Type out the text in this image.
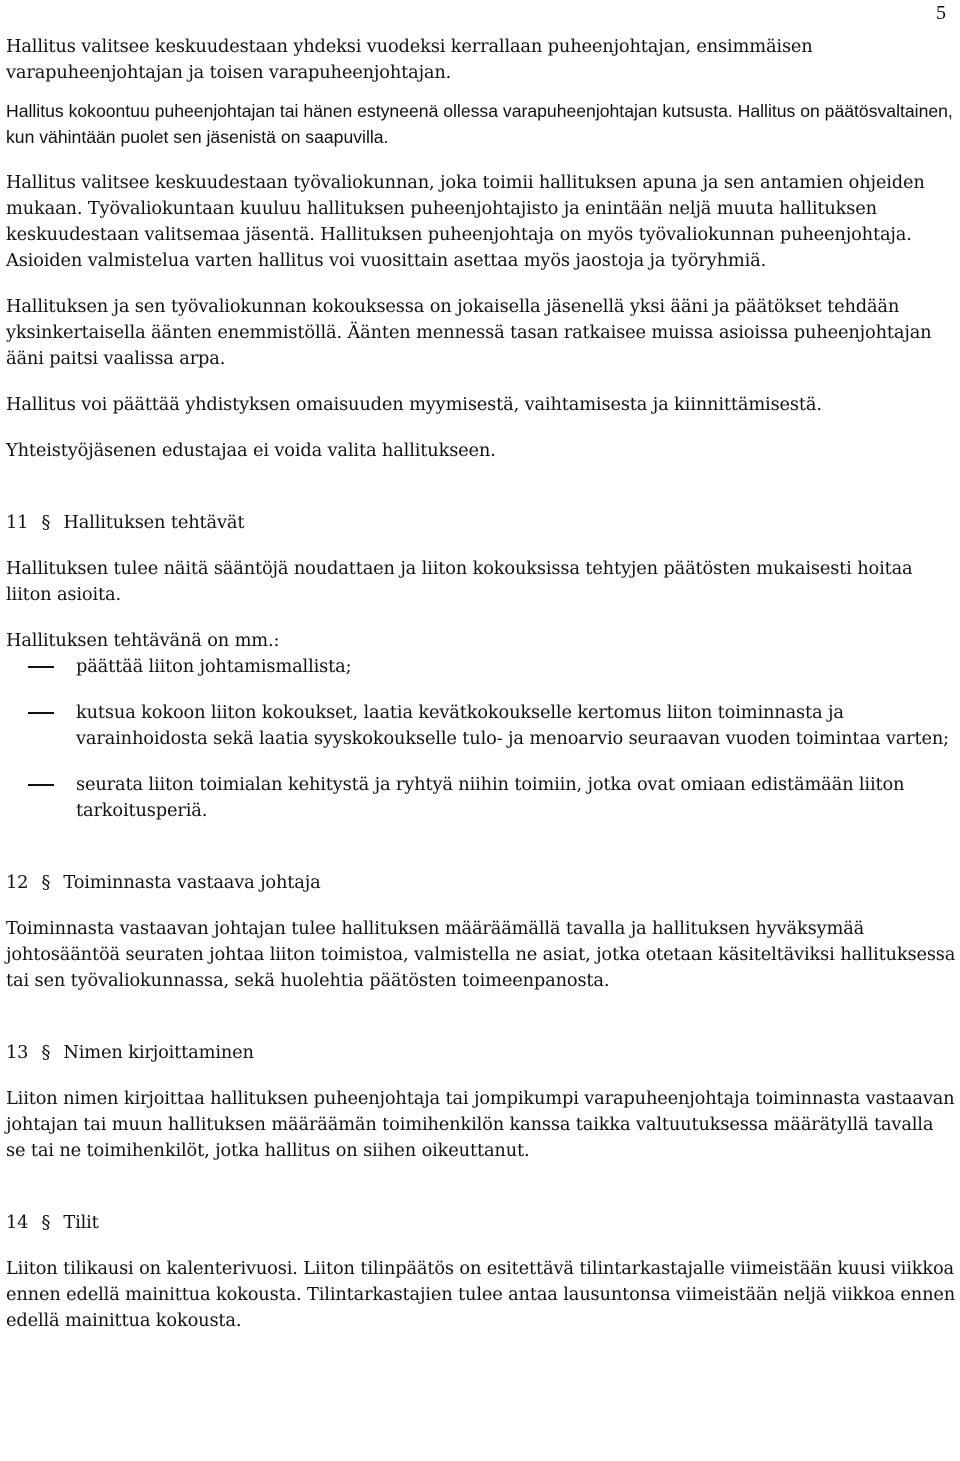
5

Hallitus valitsee keskuudestaan yhdeksi vuodeksi kerrallaan puheenjohtajan, ensimmäisen varapuheenjohtajan ja toisen varapuheenjohtajan.

Hallitus kokoontuu puheenjohtajan tai hänen estyneenä ollessa varapuheenjohtajan kutsusta. Hallitus on päätösvaltainen, kun vähintään puolet sen jäsenistä on saapuvilla.

Hallitus valitsee keskuudestaan työvaliokunnan, joka toimii hallituksen apuna ja sen antamien ohjeiden mukaan. Työvaliokuntaan kuuluu hallituksen puheenjohtajisto ja enintään neljä muuta hallituksen keskuudestaan valitsemaa jäsentä. Hallituksen puheenjohtaja on myös työvaliokunnan puheenjohtaja. Asioiden valmistelua varten hallitus voi vuosittain asettaa myös jaostoja ja työryhmiä.

Hallituksen ja sen työvaliokunnan kokouksessa on jokaisella jäsenellä yksi ääni ja päätökset tehdään yksinkertaisella äänten enemmistöllä. Äänten mennessä tasan ratkaisee muissa asioissa puheenjohtajan ääni paitsi vaalissa arpa.

Hallitus voi päättää yhdistyksen omaisuuden myymisestä, vaihtamisesta ja kiinnittämisestä.

Yhteistyöjäsenen edustajaa ei voida valita hallitukseen.

11 § Hallituksen tehtävät

Hallituksen tulee näitä sääntöjä noudattaen ja liiton kokouksissa tehtyjen päätösten mukaisesti hoitaa liiton asioita.

Hallituksen tehtävänä on mm.:

päättää liiton johtamismallista;
kutsua kokoon liiton kokoukset, laatia kevätkokoukselle kertomus liiton toiminnasta ja varainhoidosta sekä laatia syyskokoukselle tulo- ja menoarvio seuraavan vuoden toimintaa varten;
seurata liiton toimialan kehitystä ja ryhtyä niihin toimiin, jotka ovat omiaan edistämään liiton tarkoitusperiä.
12 § Toiminnasta vastaava johtaja

Toiminnasta vastaavan johtajan tulee hallituksen määräämällä tavalla ja hallituksen hyväksymää johtosääntöä seuraten johtaa liiton toimistoa, valmistella ne asiat, jotka otetaan käsiteltäviksi hallituksessa tai sen työvaliokunnassa, sekä huolehtia päätösten toimeenpanosta.

13 § Nimen kirjoittaminen

Liiton nimen kirjoittaa hallituksen puheenjohtaja tai jompikumpi varapuheenjohtaja toiminnasta vastaavan johtajan tai muun hallituksen määräämän toimihenkilön kanssa taikka valtuutuksessa määrätyllä tavalla se tai ne toimihenkilöt, jotka hallitus on siihen oikeuttanut.

14 § Tilit

Liiton tilikausi on kalenterivuosi. Liiton tilinpäätös on esitettävä tilintarkastajalle viimeistään kuusi viikkoa ennen edellä mainittua kokousta. Tilintarkastajien tulee antaa lausuntonsa viimeistään neljä viikkoa ennen edellä mainittua kokousta.
